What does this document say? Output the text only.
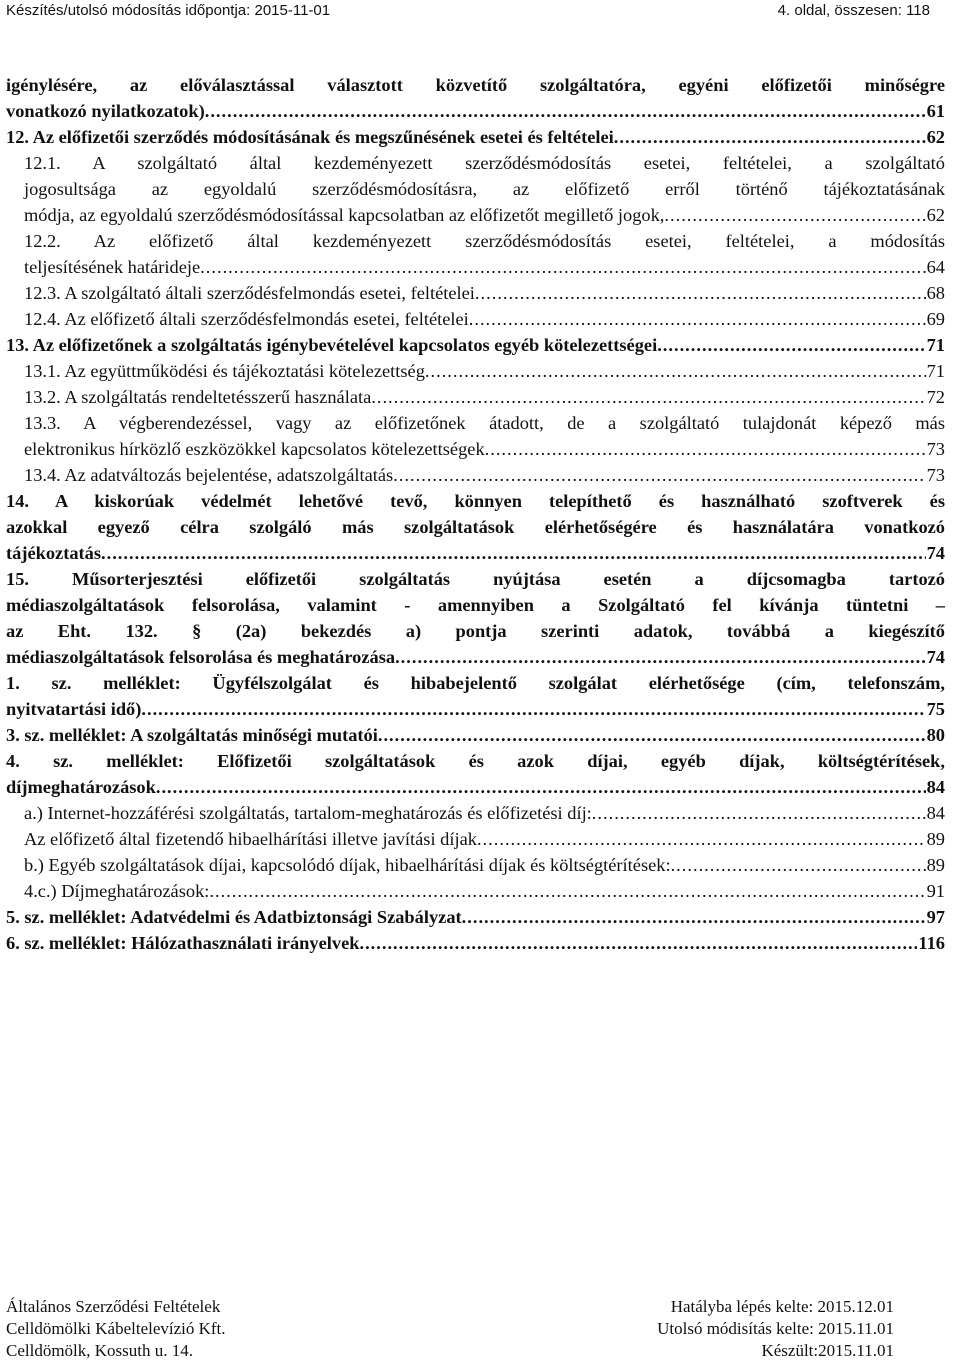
Készítés/utolsó módosítás időpontja: 2015-11-01	4. oldal, összesen: 118
igénylésére, az előválasztással választott közvetítő szolgáltatóra, egyéni előfizetői minőségre
vonatkozó nyilatkozatok) .....	61
12. Az előfizetői szerződés módosításának és megszűnésének esetei és feltételei .....	62
12.1. A szolgáltató által kezdeményezett szerződésmódosítás esetei, feltételei, a szolgáltató
jogosultsága az egyoldalú szerződésmódosításra, az előfizető erről történő tájékoztatásának
módja, az egyoldalú szerződésmódosítással kapcsolatban az előfizetőt megillető jogok, .....	62
12.2. Az előfizető által kezdeményezett szerződésmódosítás esetei, feltételei, a módosítás
teljesítésének határideje .....	64
12.3. A szolgáltató általi szerződésfelmondás esetei, feltételei .....	68
12.4. Az előfizető általi szerződésfelmondás esetei, feltételei .....	69
13. Az előfizetőnek a szolgáltatás igénybevételével kapcsolatos egyéb kötelezettségei .....	71
13.1. Az együttműködési és tájékoztatási kötelezettség .....	71
13.2. A szolgáltatás rendeltetésszerű használata .....	72
13.3. A végberendezéssel, vagy az előfizetőnek átadott, de a szolgáltató tulajdonát képező más
elektronikus hírközlő eszközökkel kapcsolatos kötelezettségek .....	73
13.4. Az adatváltozás bejelentése, adatszolgáltatás .....	73
14. A kiskorúak védelmét lehetővé tevő, könnyen telepíthető és használható szoftverek és
azokkal egyező célra szolgáló más szolgáltatások elérhetőségére és használatára vonatkozó
tájékoztatás .....	74
15. Műsorterjesztési előfizetői szolgáltatás nyújtása esetén a díjcsomagba tartozó
médiaszolgáltatások felsorolása, valamint - amennyiben a Szolgáltató fel kívánja tüntetni –
az Eht. 132. § (2a) bekezdés a) pontja szerinti adatok, továbbá a kiegészítő
médiaszolgáltatások felsorolása és meghatározása .....	74
1. sz. melléklet: Ügyfélszolgálat és hibabejelentő szolgálat elérhetősége (cím, telefonszám,
nyitvatartási idő) .....	75
3. sz. melléklet: A szolgáltatás minőségi mutatói .....	80
4. sz. melléklet: Előfizetői szolgáltatások és azok díjai, egyéb díjak, költségtérítések,
díjmeghatározások .....	84
a.) Internet-hozzáférési szolgáltatás, tartalom-meghatározás és előfizetési díj: .....	84
Az előfizető által fizetendő hibaelhárítási illetve javítási díjak .....	89
b.) Egyéb szolgáltatások díjai, kapcsolódó díjak, hibaelhárítási díjak és költségtérítések: .....	89
4.c.) Díjmeghatározások: .....	91
5. sz. melléklet: Adatvédelmi és Adatbiztonsági Szabályzat .....	97
6. sz. melléklet: Hálózathasználati irányelvek .....	116
Általános Szerződési Feltételek
Celldömölki Kábeltelevízió Kft.
Celldömölk, Kossuth u. 14.
Hatályba lépés kelte: 2015.12.01
Utolsó módisítás kelte: 2015.11.01
Készült:2015.11.01
